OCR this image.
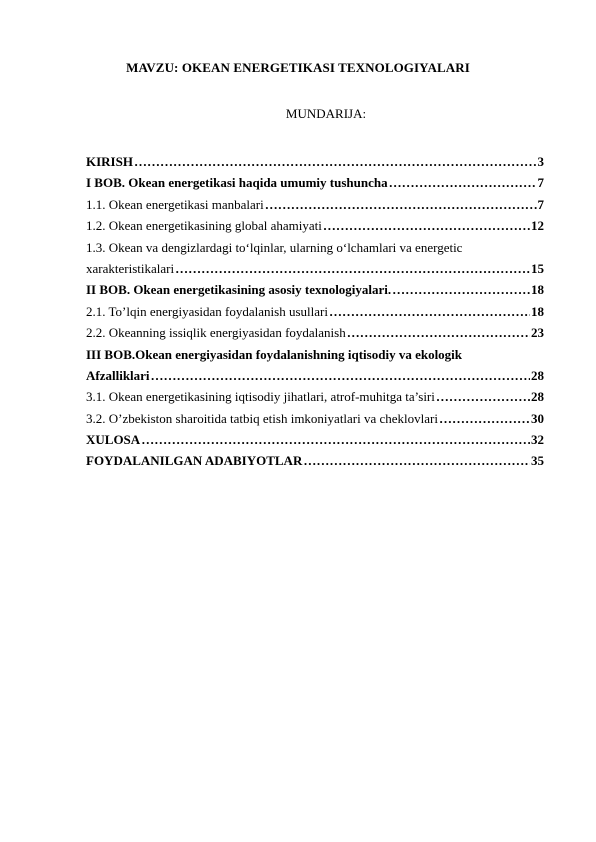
MAVZU: OKEAN ENERGETIKASI TEXNOLOGIYALARI
MUNDARIJA:
KIRISH ……………………………………………………………………………………………………………………………………	3
I BOB. Okean energetikasi haqida umumiy tushuncha ……………………………………………………………………………………………………………………………………	7
1.1. Okean energetikasi manbalari ……………………………………………………………………………………………………………………………………	7
1.2. Okean energetikasining global ahamiyati ……………………………………………………………………………………………………………………………………	12
1.3. Okean va dengizlardagi to‘lqinlar, ularning o‘lchamlari va energetic
xarakteristikalari ……………………………………………………………………………………………………………………………………	15
II BOB. Okean energetikasining asosiy texnologiyalari. ……………………………………………………………………………………………………………………………………	18
2.1. To’lqin energiyasidan foydalanish usullari ……………………………………………………………………………………………………………………………………	18
2.2. Okeanning issiqlik energiyasidan foydalanish ……………………………………………………………………………………………………………………………………	23
III BOB.Okean energiyasidan foydalanishning iqtisodiy va ekologik
Afzalliklari ……………………………………………………………………………………………………………………………………	28
3.1. Okean energetikasining iqtisodiy jihatlari, atrof-muhitga ta’siri ……………………………………………………………………………………………………………………………………	28
3.2. O’zbekiston sharoitida tatbiq etish imkoniyatlari va cheklovlari ……………………………………………………………………………………………………………………………………	30
XULOSA ……………………………………………………………………………………………………………………………………	32
FOYDALANILGAN ADABIYOTLAR ……………………………………………………………………………………………………………………………………	35
